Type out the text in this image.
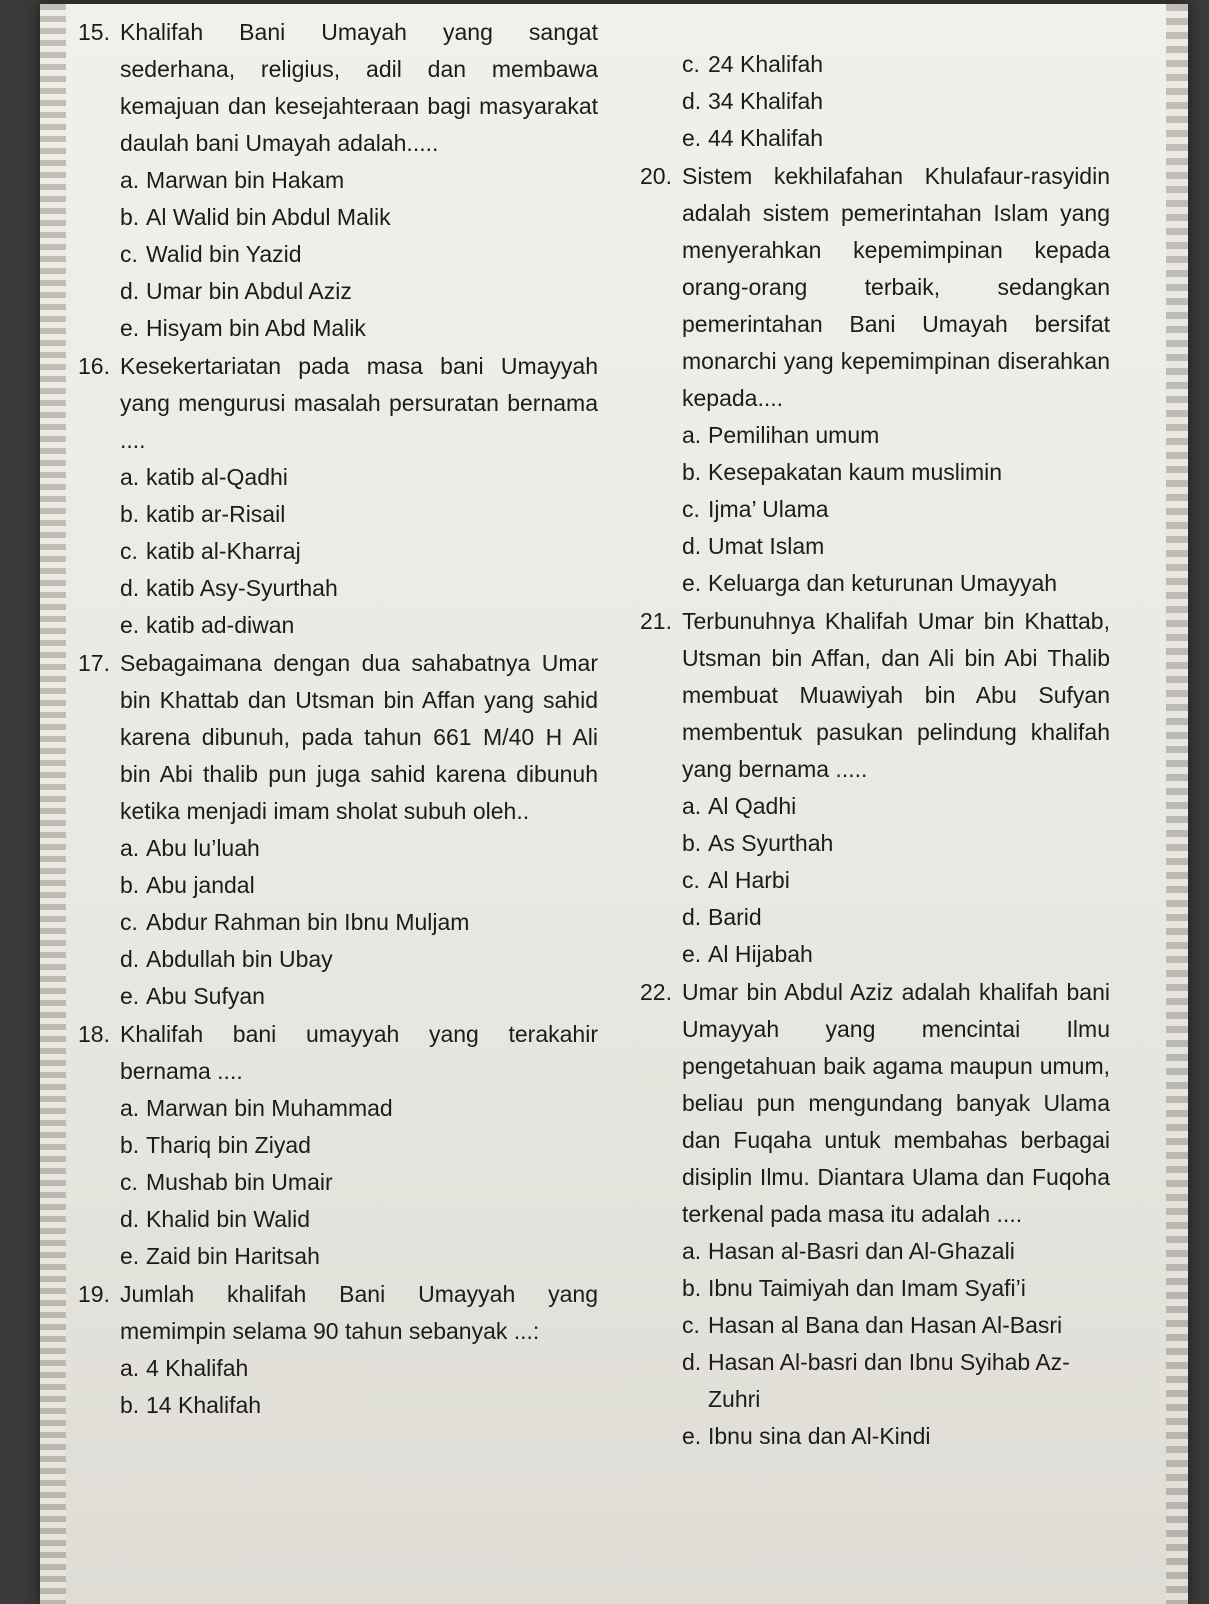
15. Khalifah Bani Umayah yang sangat sederhana, religius, adil dan membawa kemajuan dan kesejahteraan bagi masyarakat daulah bani Umayah adalah.....
a. Marwan bin Hakam
b. Al Walid bin Abdul Malik
c. Walid bin Yazid
d. Umar bin Abdul Aziz
e. Hisyam bin Abd Malik
16. Kesekertariatan pada masa bani Umayyah yang mengurusi masalah persuratan bernama ....
a. katib al-Qadhi
b. katib ar-Risail
c. katib al-Kharraj
d. katib Asy-Syurthah
e. katib ad-diwan
17. Sebagaimana dengan dua sahabatnya Umar bin Khattab dan Utsman bin Affan yang sahid karena dibunuh, pada tahun 661 M/40 H Ali bin Abi thalib pun juga sahid karena dibunuh ketika menjadi imam sholat subuh oleh..
a. Abu lu’luah
b. Abu jandal
c. Abdur Rahman bin Ibnu Muljam
d. Abdullah bin Ubay
e. Abu Sufyan
18. Khalifah bani umayyah yang terakahir bernama ....
a. Marwan bin Muhammad
b. Thariq bin Ziyad
c. Mushab bin Umair
d. Khalid bin Walid
e. Zaid bin Haritsah
19. Jumlah khalifah Bani Umayyah yang memimpin selama 90 tahun sebanyak ...:
a. 4 Khalifah
b. 14 Khalifah
c. 24 Khalifah
d. 34 Khalifah
e. 44 Khalifah
20. Sistem kekhilafahan Khulafaur-rasyidin adalah sistem pemerintahan Islam yang menyerahkan kepemimpinan kepada orang-orang terbaik, sedangkan pemerintahan Bani Umayah bersifat monarchi yang kepemimpinan diserahkan kepada....
a. Pemilihan umum
b. Kesepakatan kaum muslimin
c. Ijma’ Ulama
d. Umat Islam
e. Keluarga dan keturunan Umayyah
21. Terbunuhnya Khalifah Umar bin Khattab, Utsman bin Affan, dan Ali bin Abi Thalib membuat Muawiyah bin Abu Sufyan membentuk pasukan pelindung khalifah yang bernama .....
a. Al Qadhi
b. As Syurthah
c. Al Harbi
d. Barid
e. Al Hijabah
22. Umar bin Abdul Aziz adalah khalifah bani Umayyah yang mencintai Ilmu pengetahuan baik agama maupun umum, beliau pun mengundang banyak Ulama dan Fuqaha untuk membahas berbagai disiplin Ilmu. Diantara Ulama dan Fuqoha terkenal pada masa itu adalah ....
a. Hasan al-Basri dan Al-Ghazali
b. Ibnu Taimiyah dan Imam Syafi’i
c. Hasan al Bana dan Hasan Al-Basri
d. Hasan Al-basri dan Ibnu Syihab Az-Zuhri
e. Ibnu sina dan Al-Kindi
